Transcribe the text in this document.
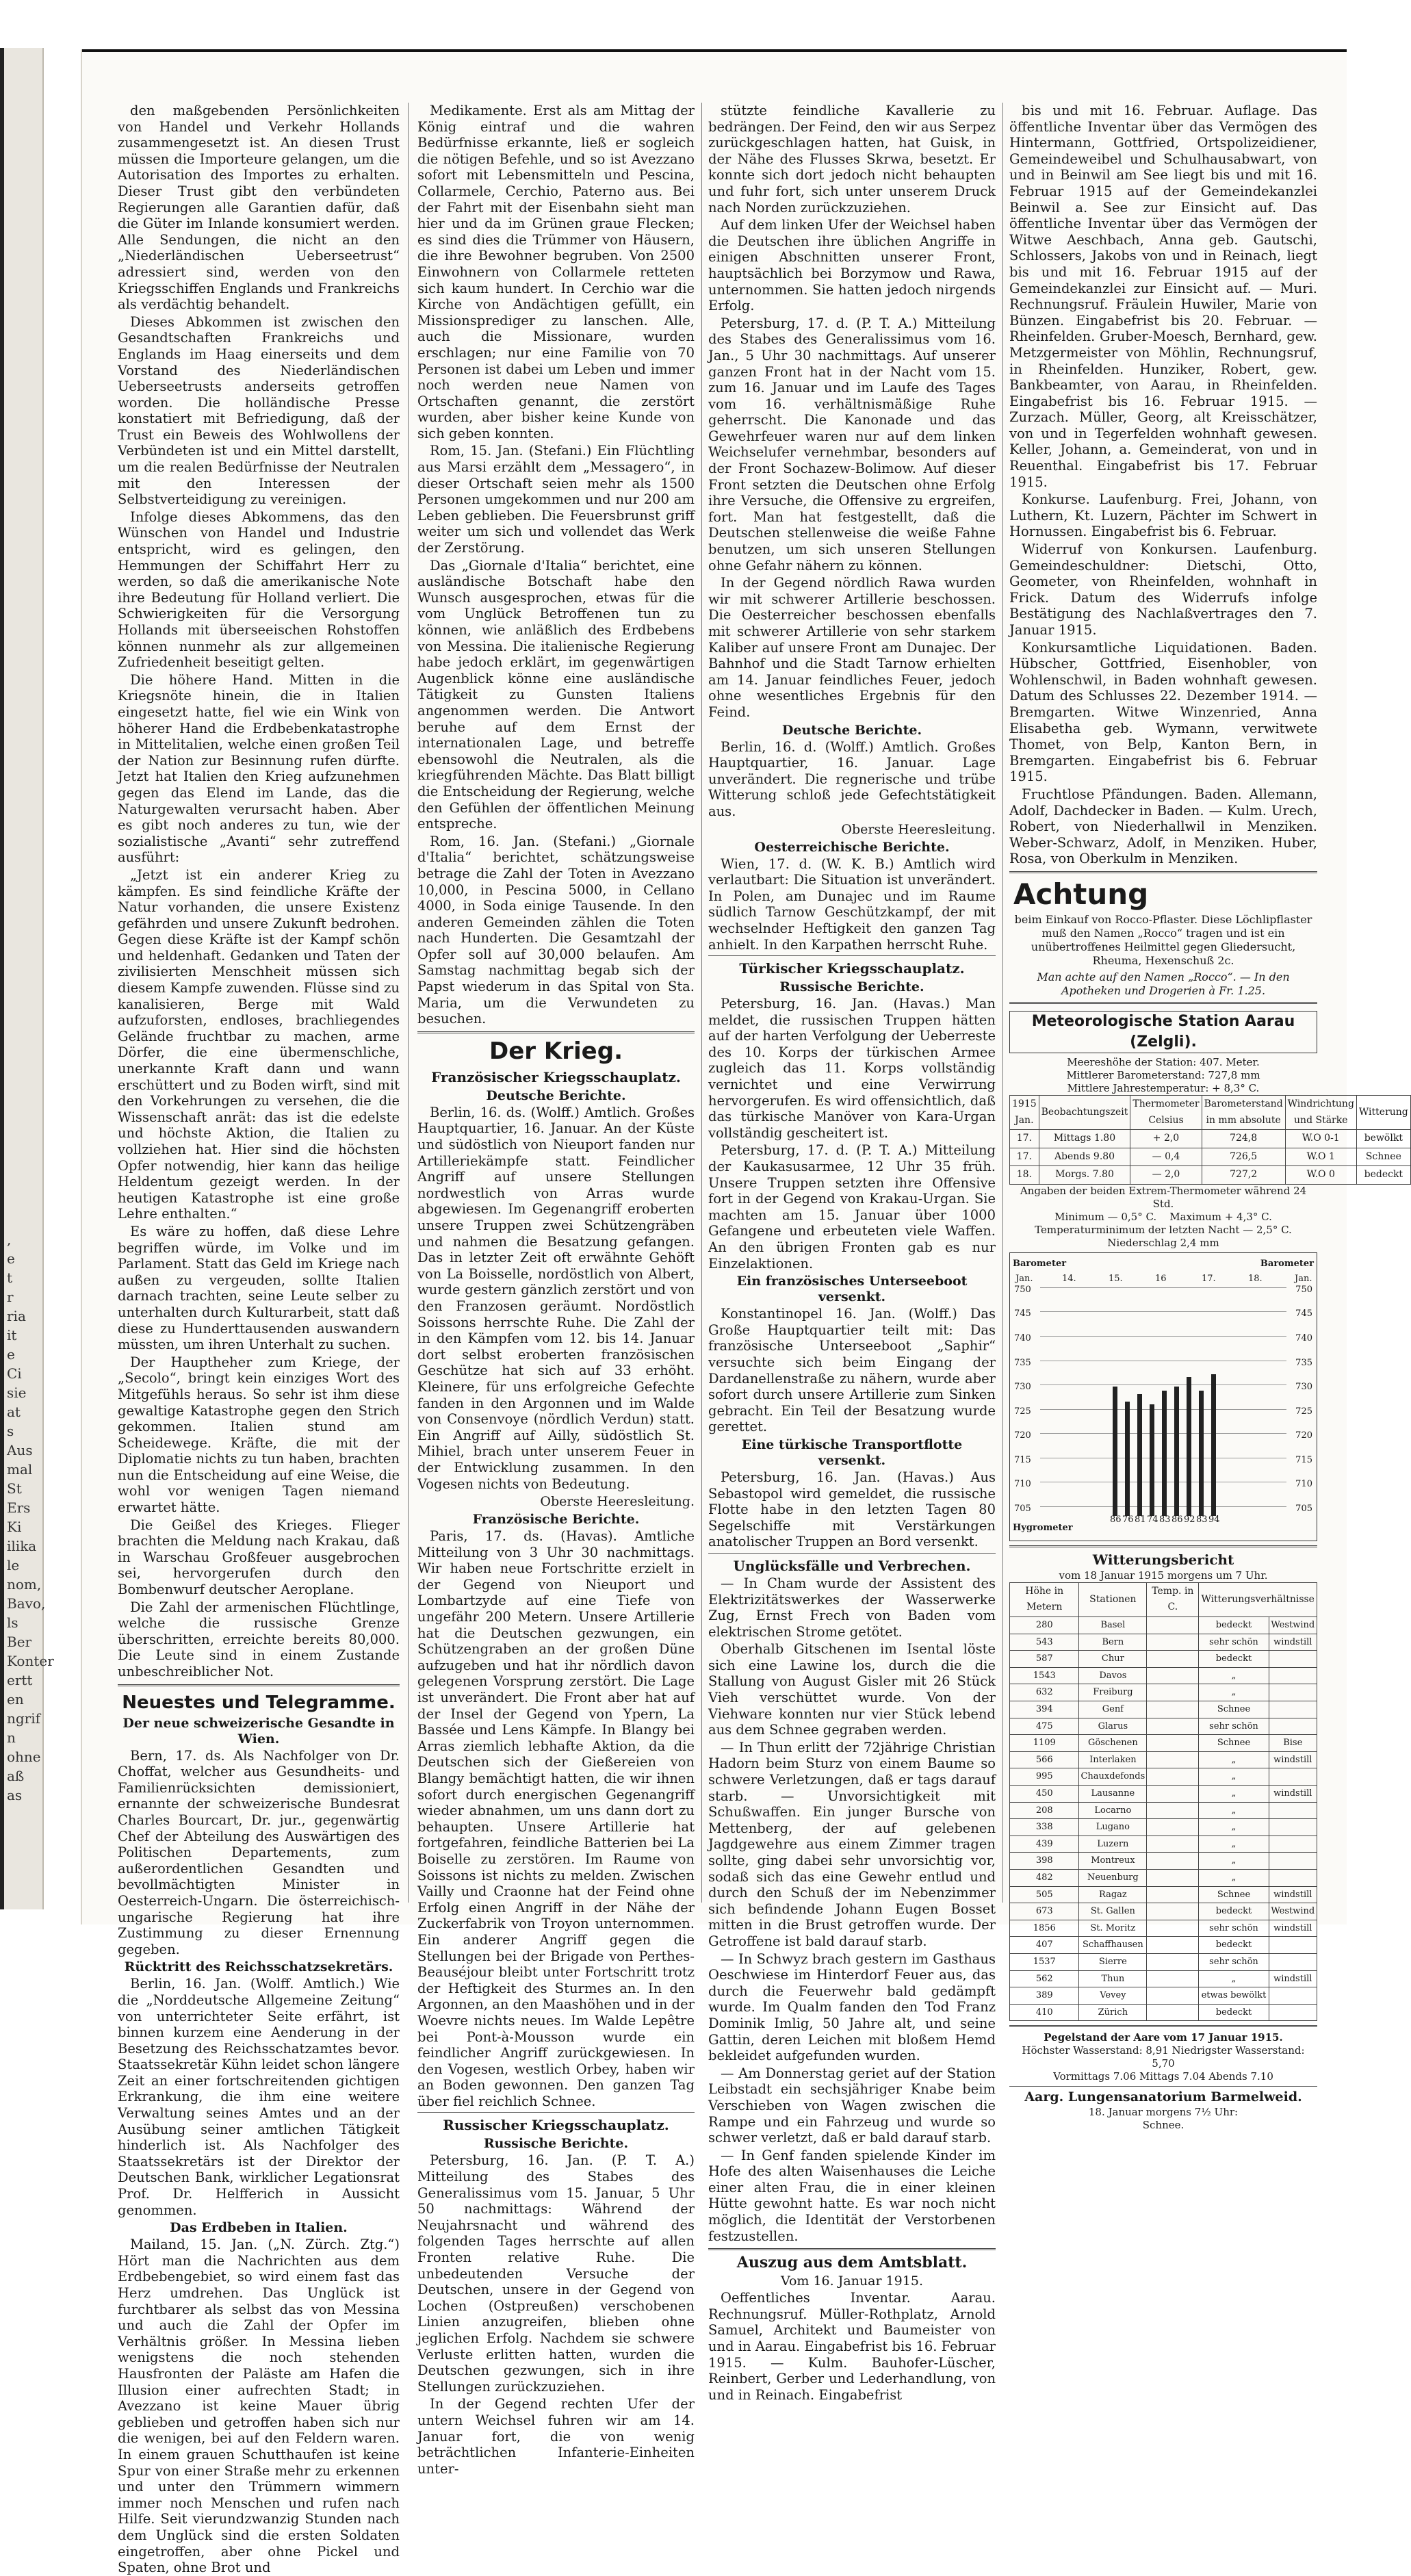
,
e
t
r
ria
it
e
Ci
sie
at
s
Aus
mal
St
Ers
Ki
ilika
le
nom,
Bavo,
ls
Ber
Konter
ertt
en
ngrif
n
ohne
aß
as

den maßgebenden Persönlichkeiten von Handel und Verkehr Hollands zusammengesetzt ist. An diesen Trust müssen die Importeure gelangen, um die Autorisation des Importes zu erhalten. Dieser Trust gibt den verbündeten Regierungen alle Garantien dafür, daß die Güter im Inlande konsumiert werden. Alle Sendungen, die nicht an den „Niederländischen Ueberseetrust“ adressiert sind, werden von den Kriegsschiffen Englands und Frankreichs als verdächtig behandelt.

Dieses Abkommen ist zwischen den Gesandtschaften Frankreichs und Englands im Haag einerseits und dem Vorstand des Niederländischen Ueberseetrusts anderseits getroffen worden. Die holländische Presse konstatiert mit Befriedigung, daß der Trust ein Beweis des Wohlwollens der Verbündeten ist und ein Mittel darstellt, um die realen Bedürfnisse der Neutralen mit den Interessen der Selbstverteidigung zu vereinigen.

Infolge dieses Abkommens, das den Wünschen von Handel und Industrie entspricht, wird es gelingen, den Hemmungen der Schiffahrt Herr zu werden, so daß die amerikanische Note ihre Bedeutung für Holland verliert. Die Schwierigkeiten für die Versorgung Hollands mit überseeischen Rohstoffen können nunmehr als zur allgemeinen Zufriedenheit beseitigt gelten.

Die höhere Hand. Mitten in die Kriegsnöte hinein, die in Italien eingesetzt hatte, fiel wie ein Wink von höherer Hand die Erdbebenkatastrophe in Mittelitalien, welche einen großen Teil der Nation zur Besinnung rufen dürfte. Jetzt hat Italien den Krieg aufzunehmen gegen das Elend im Lande, das die Naturgewalten verursacht haben. Aber es gibt noch anderes zu tun, wie der sozialistische „Avanti“ sehr zutreffend ausführt:

„Jetzt ist ein anderer Krieg zu kämpfen. Es sind feindliche Kräfte der Natur vorhanden, die unsere Existenz gefährden und unsere Zukunft bedrohen. Gegen diese Kräfte ist der Kampf schön und heldenhaft. Gedanken und Taten der zivilisierten Menschheit müssen sich diesem Kampfe zuwenden. Flüsse sind zu kanalisieren, Berge mit Wald aufzuforsten, endloses, brachliegendes Gelände fruchtbar zu machen, arme Dörfer, die eine übermenschliche, unerkannte Kraft dann und wann erschüttert und zu Boden wirft, sind mit den Vorkehrungen zu versehen, die die Wissenschaft anrät: das ist die edelste und höchste Aktion, die Italien zu vollziehen hat. Hier sind die höchsten Opfer notwendig, hier kann das heilige Heldentum gezeigt werden. In der heutigen Katastrophe ist eine große Lehre enthalten.“

Es wäre zu hoffen, daß diese Lehre begriffen würde, im Volke und im Parlament. Statt das Geld im Kriege nach außen zu vergeuden, sollte Italien darnach trachten, seine Leute selber zu unterhalten durch Kulturarbeit, statt daß diese zu Hunderttausenden auswandern müssten, um ihren Unterhalt zu suchen.

Der Hauptheher zum Kriege, der „Secolo“, bringt kein einziges Wort des Mitgefühls heraus. So sehr ist ihm diese gewaltige Katastrophe gegen den Strich gekommen. Italien stund am Scheidewege. Kräfte, die mit der Diplomatie nichts zu tun haben, brachten nun die Entscheidung auf eine Weise, die wohl vor wenigen Tagen niemand erwartet hätte.

Die Geißel des Krieges. Flieger brachten die Meldung nach Krakau, daß in Warschau Großfeuer ausgebrochen sei, hervorgerufen durch den Bombenwurf deutscher Aeroplane.

Die Zahl der armenischen Flüchtlinge, welche die russische Grenze überschritten, erreichte bereits 80,000. Die Leute sind in einem Zustande unbeschreiblicher Not.

Neuestes und Telegramme.
Der neue schweizerische Gesandte in Wien.

Bern, 17. ds. Als Nachfolger von Dr. Choffat, welcher aus Gesundheits- und Familienrücksichten demissioniert, ernannte der schweizerische Bundesrat Charles Bourcart, Dr. jur., gegenwärtig Chef der Abteilung des Auswärtigen des Politischen Departements, zum außerordentlichen Gesandten und bevollmächtigten Minister in Oesterreich-Ungarn. Die österreichisch-ungarische Regierung hat ihre Zustimmung zu dieser Ernennung gegeben.

Rücktritt des Reichsschatzsekretärs.

Berlin, 16. Jan. (Wolff. Amtlich.) Wie die „Norddeutsche Allgemeine Zeitung“ von unterrichteter Seite erfährt, ist binnen kurzem eine Aenderung in der Besetzung des Reichsschatzamtes bevor. Staatssekretär Kühn leidet schon längere Zeit an einer fortschreitenden gichtigen Erkrankung, die ihm eine weitere Verwaltung seines Amtes und an der Ausübung seiner amtlichen Tätigkeit hinderlich ist. Als Nachfolger des Staatssekretärs ist der Direktor der Deutschen Bank, wirklicher Legationsrat Prof. Dr. Helfferich in Aussicht genommen.

Das Erdbeben in Italien.

Mailand, 15. Jan. („N. Zürch. Ztg.“) Hört man die Nachrichten aus dem Erdbebengebiet, so wird einem fast das Herz umdrehen. Das Unglück ist furchtbarer als selbst das von Messina und auch die Zahl der Opfer im Verhältnis größer. In Messina lieben wenigstens die noch stehenden Hausfronten der Paläste am Hafen die Illusion einer aufrechten Stadt; in Avezzano ist keine Mauer übrig geblieben und getroffen haben sich nur die wenigen, bei auf den Feldern waren. In einem grauen Schutthaufen ist keine Spur von einer Straße mehr zu erkennen und unter den Trümmern wimmern immer noch Menschen und rufen nach Hilfe. Seit vierundzwanzig Stunden nach dem Unglück sind die ersten Soldaten eingetroffen, aber ohne Pickel und Spaten, ohne Brot und

Medikamente. Erst als am Mittag der König eintraf und die wahren Bedürfnisse erkannte, ließ er sogleich die nötigen Befehle, und so ist Avezzano sofort mit Lebensmitteln und Pescina, Collarmele, Cerchio, Paterno aus. Bei der Fahrt mit der Eisenbahn sieht man hier und da im Grünen graue Flecken; es sind dies die Trümmer von Häusern, die ihre Bewohner begruben. Von 2500 Einwohnern von Collarmele retteten sich kaum hundert. In Cerchio war die Kirche von Andächtigen gefüllt, ein Missionsprediger zu lanschen. Alle, auch die Missionare, wurden erschlagen; nur eine Familie von 70 Personen ist dabei um Leben und immer noch werden neue Namen von Ortschaften genannt, die zerstört wurden, aber bisher keine Kunde von sich geben konnten.

Rom, 15. Jan. (Stefani.) Ein Flüchtling aus Marsi erzählt dem „Messagero“, in dieser Ortschaft seien mehr als 1500 Personen umgekommen und nur 200 am Leben geblieben. Die Feuersbrunst griff weiter um sich und vollendet das Werk der Zerstörung.

Das „Giornale d'Italia“ berichtet, eine ausländische Botschaft habe den Wunsch ausgesprochen, etwas für die vom Unglück Betroffenen tun zu können, wie anläßlich des Erdbebens von Messina. Die italienische Regierung habe jedoch erklärt, im gegenwärtigen Augenblick könne eine ausländische Tätigkeit zu Gunsten Italiens angenommen werden. Die Antwort beruhe auf dem Ernst der internationalen Lage, und betreffe ebensowohl die Neutralen, als die kriegführenden Mächte. Das Blatt billigt die Entscheidung der Regierung, welche den Gefühlen der öffentlichen Meinung entspreche.

Rom, 16. Jan. (Stefani.) „Giornale d'Italia“ berichtet, schätzungsweise betrage die Zahl der Toten in Avezzano 10,000, in Pescina 5000, in Cellano 4000, in Soda einige Tausende. In den anderen Gemeinden zählen die Toten nach Hunderten. Die Gesamtzahl der Opfer soll auf 30,000 belaufen. Am Samstag nachmittag begab sich der Papst wiederum in das Spital von Sta. Maria, um die Verwundeten zu besuchen.

Der Krieg.
Französischer Kriegsschauplatz.
Deutsche Berichte.

Berlin, 16. ds. (Wolff.) Amtlich. Großes Hauptquartier, 16. Januar. An der Küste und südöstlich von Nieuport fanden nur Artilleriekämpfe statt. Feindlicher Angriff auf unsere Stellungen nordwestlich von Arras wurde abgewiesen. Im Gegenangriff eroberten unsere Truppen zwei Schützengräben und nahmen die Besatzung gefangen. Das in letzter Zeit oft erwähnte Gehöft von La Boisselle, nordöstlich von Albert, wurde gestern gänzlich zerstört und von den Franzosen geräumt. Nordöstlich Soissons herrschte Ruhe. Die Zahl der in den Kämpfen vom 12. bis 14. Januar dort selbst eroberten französischen Geschütze hat sich auf 33 erhöht. Kleinere, für uns erfolgreiche Gefechte fanden in den Argonnen und im Walde von Consenvoye (nördlich Verdun) statt. Ein Angriff auf Ailly, südöstlich St. Mihiel, brach unter unserem Feuer in der Entwicklung zusammen. In den Vogesen nichts von Bedeutung.

Oberste Heeresleitung.
Französische Berichte.

Paris, 17. ds. (Havas). Amtliche Mitteilung von 3 Uhr 30 nachmittags. Wir haben neue Fortschritte erzielt in der Gegend von Nieuport und Lombartzyde auf eine Tiefe von ungefähr 200 Metern. Unsere Artillerie hat die Deutschen gezwungen, ein Schützengraben an der großen Düne aufzugeben und hat ihr nördlich davon gelegenen Vorsprung zerstört. Die Lage ist unverändert. Die Front aber hat auf der Insel der Gegend von Ypern, La Bassée und Lens Kämpfe. In Blangy bei Arras ziemlich lebhafte Aktion, da die Deutschen sich der Gießereien von Blangy bemächtigt hatten, die wir ihnen sofort durch energischen Gegenangriff wieder abnahmen, um uns dann dort zu behaupten. Unsere Artillerie hat fortgefahren, feindliche Batterien bei La Boiselle zu zerstören. Im Raume von Soissons ist nichts zu melden. Zwischen Vailly und Craonne hat der Feind ohne Erfolg einen Angriff in der Nähe der Zuckerfabrik von Troyon unternommen. Ein anderer Angriff gegen die Stellungen bei der Brigade von Perthes-Beauséjour bleibt unter Fortschritt trotz der Heftigkeit des Sturmes an. In den Argonnen, an den Maashöhen und in der Woevre nichts neues. Im Walde Lepêtre bei Pont-à-Mousson wurde ein feindlicher Angriff zurückgewiesen. In den Vogesen, westlich Orbey, haben wir an Boden gewonnen. Den ganzen Tag über fiel reichlich Schnee.

Russischer Kriegsschauplatz.
Russische Berichte.

Petersburg, 16. Jan. (P. T. A.) Mitteilung des Stabes des Generalissimus vom 15. Januar, 5 Uhr 50 nachmittags: Während der Neujahrsnacht und während des folgenden Tages herrschte auf allen Fronten relative Ruhe. Die unbedeutenden Versuche der Deutschen, unsere in der Gegend von Lochen (Ostpreußen) verschobenen Linien anzugreifen, blieben ohne jeglichen Erfolg. Nachdem sie schwere Verluste erlitten hatten, wurden die Deutschen gezwungen, sich in ihre Stellungen zurückzuziehen.

In der Gegend rechten Ufer der untern Weichsel fuhren wir am 14. Januar fort, die von wenig beträchtlichen Infanterie-Einheiten unter-

stützte feindliche Kavallerie zu bedrängen. Der Feind, den wir aus Serpez zurückgeschlagen hatten, hat Guisk, in der Nähe des Flusses Skrwa, besetzt. Er konnte sich dort jedoch nicht behaupten und fuhr fort, sich unter unserem Druck nach Norden zurückzuziehen.

Auf dem linken Ufer der Weichsel haben die Deutschen ihre üblichen Angriffe in einigen Abschnitten unserer Front, hauptsächlich bei Borzymow und Rawa, unternommen. Sie hatten jedoch nirgends Erfolg.

Petersburg, 17. d. (P. T. A.) Mitteilung des Stabes des Generalissimus vom 16. Jan., 5 Uhr 30 nachmittags. Auf unserer ganzen Front hat in der Nacht vom 15. zum 16. Januar und im Laufe des Tages vom 16. verhältnismäßige Ruhe geherrscht. Die Kanonade und das Gewehrfeuer waren nur auf dem linken Weichselufer vernehmbar, besonders auf der Front Sochazew-Bolimow. Auf dieser Front setzten die Deutschen ohne Erfolg ihre Versuche, die Offensive zu ergreifen, fort. Man hat festgestellt, daß die Deutschen stellenweise die weiße Fahne benutzen, um sich unseren Stellungen ohne Gefahr nähern zu können.

In der Gegend nördlich Rawa wurden wir mit schwerer Artillerie beschossen. Die Oesterreicher beschossen ebenfalls mit schwerer Artillerie von sehr starkem Kaliber auf unsere Front am Dunajec. Der Bahnhof und die Stadt Tarnow erhielten am 14. Januar feindliches Feuer, jedoch ohne wesentliches Ergebnis für den Feind.

Deutsche Berichte.

Berlin, 16. d. (Wolff.) Amtlich. Großes Hauptquartier, 16. Januar. Lage unverändert. Die regnerische und trübe Witterung schloß jede Gefechtstätigkeit aus.

Oberste Heeresleitung.
Oesterreichische Berichte.

Wien, 17. d. (W. K. B.) Amtlich wird verlautbart: Die Situation ist unverändert. In Polen, am Dunajec und im Raume südlich Tarnow Geschützkampf, der mit wechselnder Heftigkeit den ganzen Tag anhielt. In den Karpathen herrscht Ruhe.

Türkischer Kriegsschauplatz.
Russische Berichte.

Petersburg, 16. Jan. (Havas.) Man meldet, die russischen Truppen hätten auf der harten Verfolgung der Ueberreste des 10. Korps der türkischen Armee zugleich das 11. Korps vollständig vernichtet und eine Verwirrung hervorgerufen. Es wird offensichtlich, daß das türkische Manöver von Kara-Urgan vollständig gescheitert ist.

Petersburg, 17. d. (P. T. A.) Mitteilung der Kaukasusarmee, 12 Uhr 35 früh. Unsere Truppen setzten ihre Offensive fort in der Gegend von Krakau-Urgan. Sie machten am 15. Januar über 1000 Gefangene und erbeuteten viele Waffen. An den übrigen Fronten gab es nur Einzelaktionen.

Ein französisches Unterseeboot versenkt.

Konstantinopel 16. Jan. (Wolff.) Das Große Hauptquartier teilt mit: Das französische Unterseeboot „Saphir“ versuchte sich beim Eingang der Dardanellenstraße zu nähern, wurde aber sofort durch unsere Artillerie zum Sinken gebracht. Ein Teil der Besatzung wurde gerettet.

Eine türkische Transportflotte versenkt.

Petersburg, 16. Jan. (Havas.) Aus Sebastopol wird gemeldet, die russische Flotte habe in den letzten Tagen 80 Segelschiffe mit Verstärkungen anatolischer Truppen an Bord versenkt.

Unglücksfälle und Verbrechen.

— In Cham wurde der Assistent des Elektrizitätswerkes der Wasserwerke Zug, Ernst Frech von Baden vom elektrischen Strome getötet.

Oberhalb Gitschenen im Isental löste sich eine Lawine los, durch die die Stallung von August Gisler mit 26 Stück Vieh verschüttet wurde. Von der Viehware konnten nur vier Stück lebend aus dem Schnee gegraben werden.

— In Thun erlitt der 72jährige Christian Hadorn beim Sturz von einem Baume so schwere Verletzungen, daß er tags darauf starb. — Unvorsichtigkeit mit Schußwaffen. Ein junger Bursche von Mettenberg, der auf gelebenen Jagdgewehre aus einem Zimmer tragen sollte, ging dabei sehr unvorsichtig vor, sodaß sich das eine Gewehr entlud und durch den Schuß der im Nebenzimmer sich befindende Johann Eugen Bosset mitten in die Brust getroffen wurde. Der Getroffene ist bald darauf starb.

— In Schwyz brach gestern im Gasthaus Oeschwiese im Hinterdorf Feuer aus, das durch die Feuerwehr bald gedämpft wurde. Im Qualm fanden den Tod Franz Dominik Imlig, 50 Jahre alt, und seine Gattin, deren Leichen mit bloßem Hemd bekleidet aufgefunden wurden.

— Am Donnerstag geriet auf der Station Leibstadt ein sechsjähriger Knabe beim Verschieben von Wagen zwischen die Rampe und ein Fahrzeug und wurde so schwer verletzt, daß er bald darauf starb.

— In Genf fanden spielende Kinder im Hofe des alten Waisenhauses die Leiche einer alten Frau, die in einer kleinen Hütte gewohnt hatte. Es war noch nicht möglich, die Identität der Verstorbenen festzustellen.

Auszug aus dem Amtsblatt.
Vom 16. Januar 1915.

Oeffentliches Inventar. Aarau. Rechnungsruf. Müller-Rothplatz, Arnold Samuel, Architekt und Baumeister von und in Aarau. Eingabefrist bis 16. Februar 1915. — Kulm. Bauhofer-Lüscher, Reinbert, Gerber und Lederhandlung, von und in Reinach. Eingabefrist

bis und mit 16. Februar. Auflage. Das öffentliche Inventar über das Vermögen des Hintermann, Gottfried, Ortspolizeidiener, Gemeindeweibel und Schulhausabwart, von und in Beinwil am See liegt bis und mit 16. Februar 1915 auf der Gemeindekanzlei Beinwil a. See zur Einsicht auf. Das öffentliche Inventar über das Vermögen der Witwe Aeschbach, Anna geb. Gautschi, Schlossers, Jakobs von und in Reinach, liegt bis und mit 16. Februar 1915 auf der Gemeindekanzlei zur Einsicht auf. — Muri. Rechnungsruf. Fräulein Huwiler, Marie von Bünzen. Eingabefrist bis 20. Februar. — Rheinfelden. Gruber-Moesch, Bernhard, gew. Metzgermeister von Möhlin, Rechnungsruf, in Rheinfelden. Hunziker, Robert, gew. Bankbeamter, von Aarau, in Rheinfelden. Eingabefrist bis 16. Februar 1915. — Zurzach. Müller, Georg, alt Kreisschätzer, von und in Tegerfelden wohnhaft gewesen. Keller, Johann, a. Gemeinderat, von und in Reuenthal. Eingabefrist bis 17. Februar 1915.

Konkurse. Laufenburg. Frei, Johann, von Luthern, Kt. Luzern, Pächter im Schwert in Hornussen. Eingabefrist bis 6. Februar.

Widerruf von Konkursen. Laufenburg. Gemeindeschuldner: Dietschi, Otto, Geometer, von Rheinfelden, wohnhaft in Frick. Datum des Widerrufs infolge Bestätigung des Nachlaßvertrages den 7. Januar 1915.

Konkursamtliche Liquidationen. Baden. Hübscher, Gottfried, Eisenhobler, von Wohlenschwil, in Baden wohnhaft gewesen. Datum des Schlusses 22. Dezember 1914. — Bremgarten. Witwe Winzenried, Anna Elisabetha geb. Wymann, verwitwete Thomet, von Belp, Kanton Bern, in Bremgarten. Eingabefrist bis 6. Februar 1915.

Fruchtlose Pfändungen. Baden. Allemann, Adolf, Dachdecker in Baden. — Kulm. Urech, Robert, von Niederhallwil in Menziken. Weber-Schwarz, Adolf, in Menziken. Huber, Rosa, von Oberkulm in Menziken.

Achtung
beim Einkauf von Rocco-Pflaster. Diese Löchlipflaster muß den Namen „Rocco“ tragen und ist ein unübertroffenes Heilmittel gegen Gliedersucht, Rheuma, Hexenschuß 2c.
Man achte auf den Namen „Rocco“. — In den Apotheken und Drogerien à Fr. 1.25.
Meteorologische Station Aarau (Zelgli).
Meereshöhe der Station: 407. Meter.
Mittlerer Barometerstand: 727,8 mm
Mittlere Jahrestemperatur: + 8,3° C.
1915 Jan.	Beobachtungszeit	Thermometer Celsius	Barometerstand in mm absolute	Windrichtung und Stärke	Witterung
17.	Mittags 1.80	+ 2,0	724,8	W.O 0-1	bewölkt
17.	Abends 9.80	— 0,4	726,5	W.O 1	Schnee
18.	Morgs. 7.80	— 2,0	727,2	W.O 0	bedeckt
Angaben der beiden Extrem-Thermometer während 24 Std.
Minimum — 0,5° C. Maximum + 4,3° C.
Temperaturminimum der letzten Nacht — 2,5° C.
Niederschlag 2,4 mm
Barometer	Barometer
Hygrometer
Jan.	14.	15.	16	17.	18.	Jan.
750	750
745	745
740	740
735	735
730	730
725	725
720	720
715	715
710	710
705	705
86 76 81 74 83 86 92 83 94
Witterungsbericht
vom 18 Januar 1915 morgens um 7 Uhr.
Höhe in Metern	Stationen	Temp. in C.	Witterungsverhältnisse	
280	Basel		bedeckt	Westwind
543	Bern		sehr schön	windstill
587	Chur		bedeckt	
1543	Davos		„	
632	Freiburg		„	
394	Genf		Schnee	
475	Glarus		sehr schön	
1109	Göschenen		Schnee	Bise
566	Interlaken		„	windstill
995	Chauxdefonds		„	
450	Lausanne		„	windstill
208	Locarno		„	
338	Lugano		„	
439	Luzern		„	
398	Montreux		„	
482	Neuenburg		„	
505	Ragaz		Schnee	windstill
673	St. Gallen		bedeckt	Westwind
1856	St. Moritz		sehr schön	windstill
407	Schaffhausen		bedeckt	
1537	Sierre		sehr schön	
562	Thun		„	windstill
389	Vevey		etwas bewölkt	
410	Zürich		bedeckt	
Pegelstand der Aare vom 17 Januar 1915.
Höchster Wasserstand: 8,91 Niedrigster Wasserstand: 5,70
Vormittags 7.06 Mittags 7.04 Abends 7.10
Aarg. Lungensanatorium Barmelweid.
18. Januar morgens 7½ Uhr:
Schnee.
